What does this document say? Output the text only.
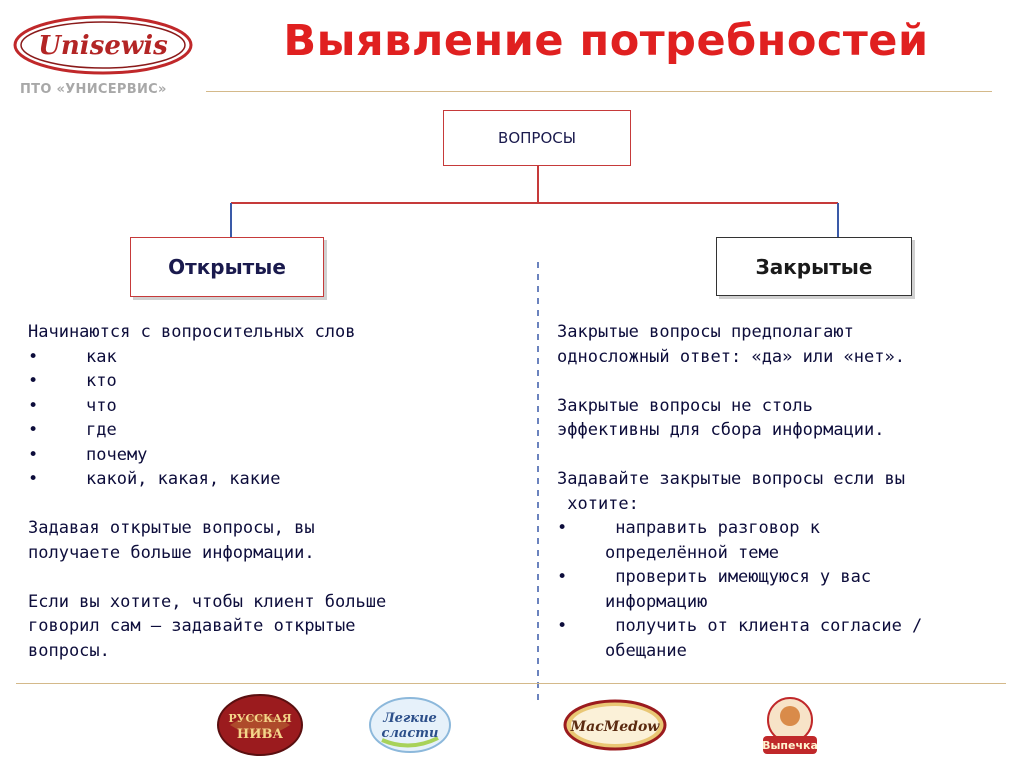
Unisewis
ПТО «УНИСЕРВИС»
Выявление потребностей
ВОПРОСЫ
Открытые	Закрытые
Начинаются с вопросительных слов
•	как
•	кто
•	что
•	где
•	почему
•	какой, какая, какие
Задавая открытые вопросы, вы
получаете больше информации.
Если вы хотите, чтобы клиент больше
говорил сам – задавайте открытые
вопросы.
Закрытые вопросы предполагают
односложный ответ: «да» или «нет».
Закрытые вопросы не столь
эффективны для сбора информации.
Задавайте закрытые вопросы если вы
хотите:
•	направить разговор к
определённой теме
•	проверить имеющуюся у вас
информацию
•	получить от клиента согласие /
обещание
РУССКАЯ
НИВА
Легкие
сласти	MacMedow
Выпечка
